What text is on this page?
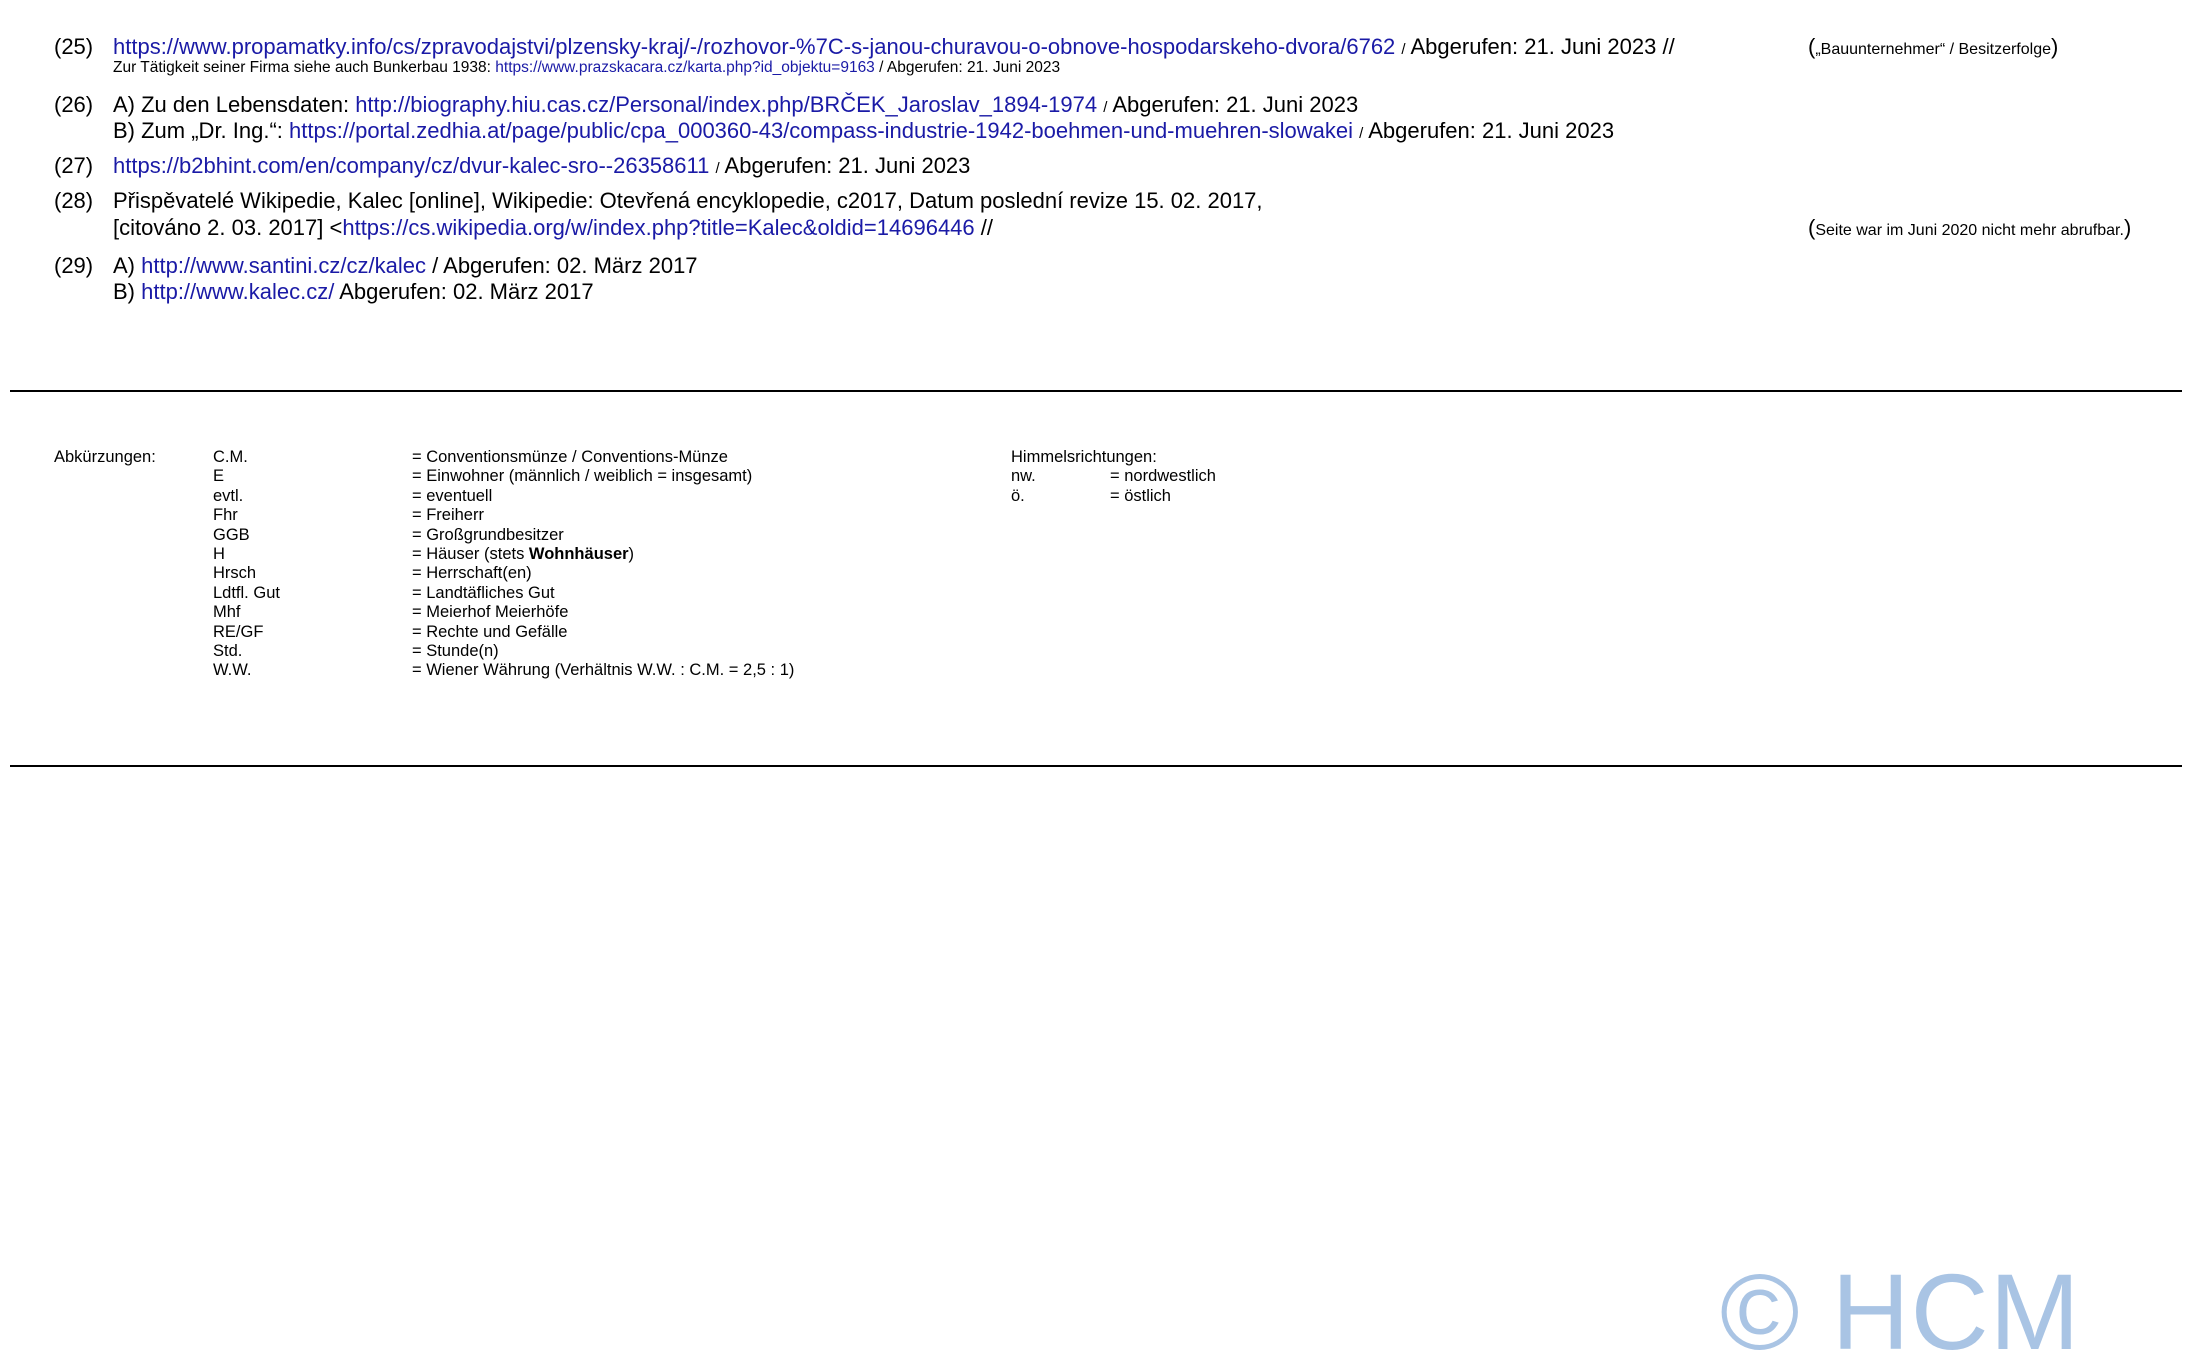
(25) https://www.propamatky.info/cs/zpravodajstvi/plzensky-kraj/-/rozhovor-%7C-s-janou-churavou-o-obnove-hospodarskeho-dvora/6762 / Abgerufen: 21. Juni 2023 //
Zur Tätigkeit seiner Firma siehe auch Bunkerbau 1938: https://www.prazskacara.cz/karta.php?id_objektu=9163 / Abgerufen: 21. Juni 2023
(„Bauunternehmer“ / Besitzerfolge)
(26) A) Zu den Lebensdaten: http://biography.hiu.cas.cz/Personal/index.php/BRČEK_Jaroslav_1894-1974 / Abgerufen: 21. Juni 2023
B) Zum „Dr. Ing.“: https://portal.zedhia.at/page/public/cpa_000360-43/compass-industrie-1942-boehmen-und-muehren-slowakei / Abgerufen: 21. Juni 2023
(27) https://b2bhint.com/en/company/cz/dvur-kalec-sro--26358611 / Abgerufen: 21. Juni 2023
(28) Přispěvatelé Wikipedie, Kalec [online], Wikipedie: Otevřená encyklopedie, c2017, Datum poslední revize 15. 02. 2017,
[citováno 2. 03. 2017] <https://cs.wikipedia.org/w/index.php?title=Kalec&oldid=14696446 //	(Seite war im Juni 2020 nicht mehr abrufbar.)
(29) A) http://www.santini.cz/cz/kalec / Abgerufen: 02. März 2017
B) http://www.kalec.cz/ Abgerufen: 02. März 2017
Abkürzungen:	C.M.	= Conventionsmünze / Conventions-Münze
E	= Einwohner (männlich / weiblich = insgesamt)
evtl.	= eventuell
Fhr	= Freiherr
GGB	= Großgrundbesitzer
H	= Häuser (stets Wohnhäuser)
Hrsch	= Herrschaft(en)
Ldtfl. Gut	= Landtäfliches Gut
Mhf	= Meierhof Meierhöfe
RE/GF	= Rechte und Gefälle
Std.	= Stunde(n)
W.W.	= Wiener Währung (Verhältnis W.W. : C.M. = 2,5 : 1)
Himmelsrichtungen:
nw.	= nordwestlich
ö.	= östlich
© HCM
